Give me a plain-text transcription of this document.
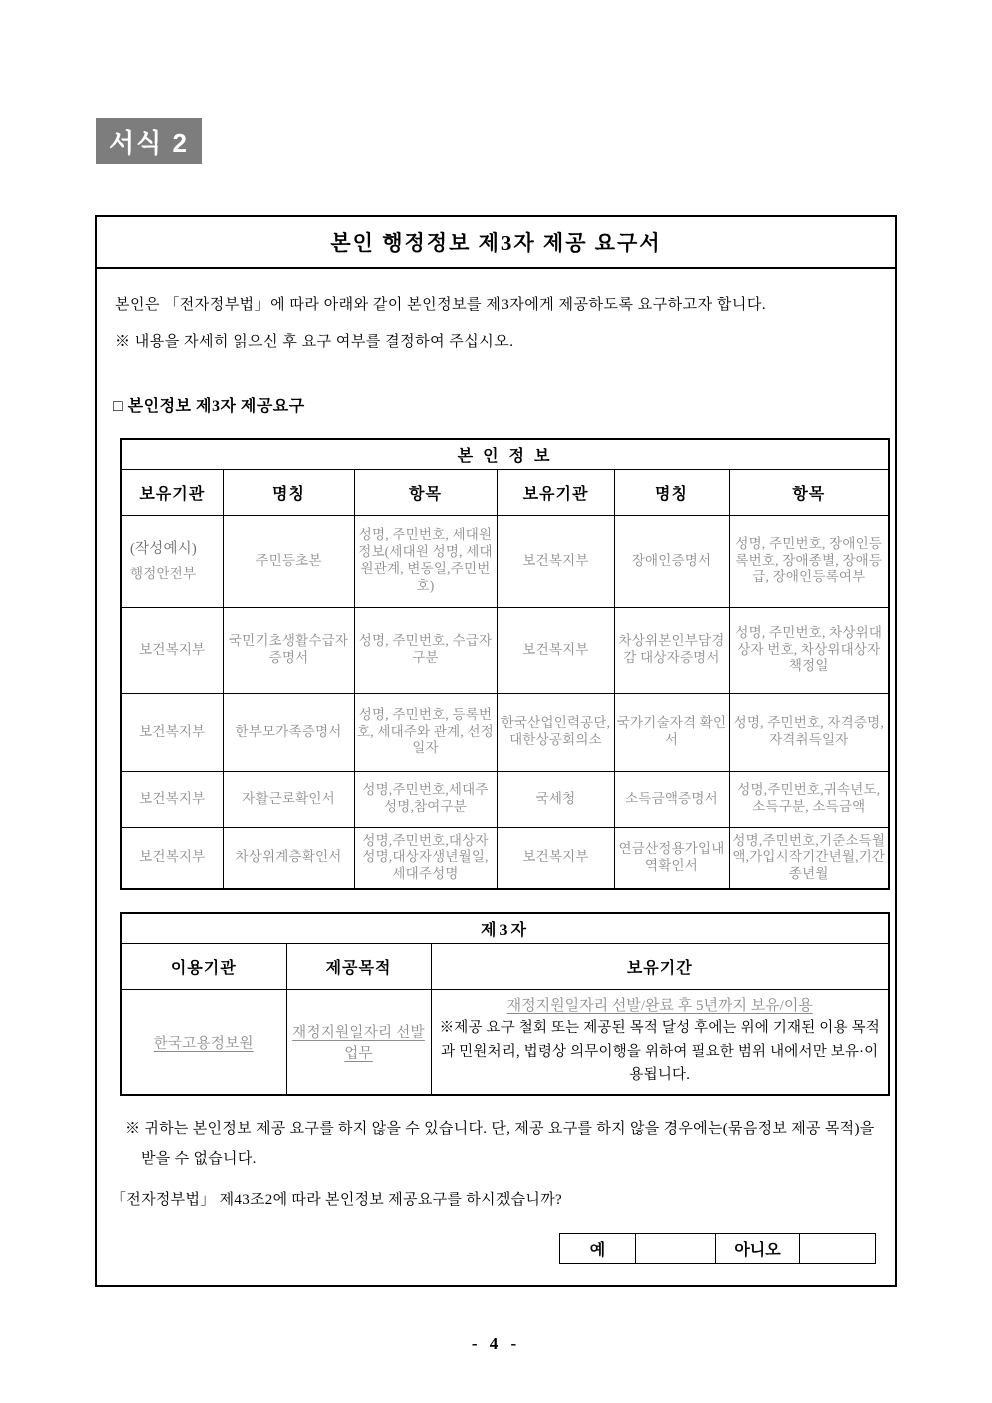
서식 2
본인 행정정보 제3자 제공 요구서

본인은 「전자정부법」에 따라 아래와 같이 본인정보를 제3자에게 제공하도록 요구하고자 합니다.

※ 내용을 자세히 읽으신 후 요구 여부를 결정하여 주십시오.

□ 본인정보 제3자 제공요구

본 인 정 보					
보유기관	명칭	항목	보유기관	명칭	항목

(작성예시)
행정안전부	주민등초본	성명, 주민번호, 세대원정보(세대원 성명, 세대원관계, 변동일,주민번호)	보건복지부	장애인증명서	성명, 주민번호, 장애인등록번호, 장애종별, 장애등급, 장애인등록여부
보건복지부	국민기초생활수급자증명서	성명, 주민번호, 수급자구분	보건복지부	차상위본인부담경감 대상자증명서	성명, 주민번호, 차상위대상자 번호, 차상위대상자 책정일
보건복지부	한부모가족증명서	성명, 주민번호, 등록번호, 세대주와 관계, 선정일자	한국산업인력공단, 대한상공회의소	국가기술자격 확인서	성명, 주민번호, 자격증명, 자격취득일자
보건복지부	자활근로확인서	성명,주민번호,세대주성명,참여구분	국세청	소득금액증명서	성명,주민번호,귀속년도, 소득구분, 소득금액
보건복지부	차상위계층확인서	성명,주민번호,대상자성명,대상자생년월일,세대주성명	보건복지부	연금산정용가입내역확인서	성명,주민번호,기준소득월액,가입시작기간년월,기간종년월
제3자		
이용기관	제공목적	보유기간
한국고용정보원	재정지원일자리 선발 업무	재정지원일자리 선발/완료 후 5년까지 보유/이용
※제공 요구 철회 또는 제공된 목적 달성 후에는 위에 기재된 이용 목적과 민원처리, 법령상 의무이행을 위하여 필요한 범위 내에서만 보유·이용됩니다.

※ 귀하는 본인정보 제공 요구를 하지 않을 수 있습니다. 단, 제공 요구를 하지 않을 경우에는(묶음정보 제공 목적)을 받을 수 없습니다.

「전자정부법」 제43조2에 따라 본인정보 제공요구를 하시겠습니까?

예		아니오	
- 4 -
